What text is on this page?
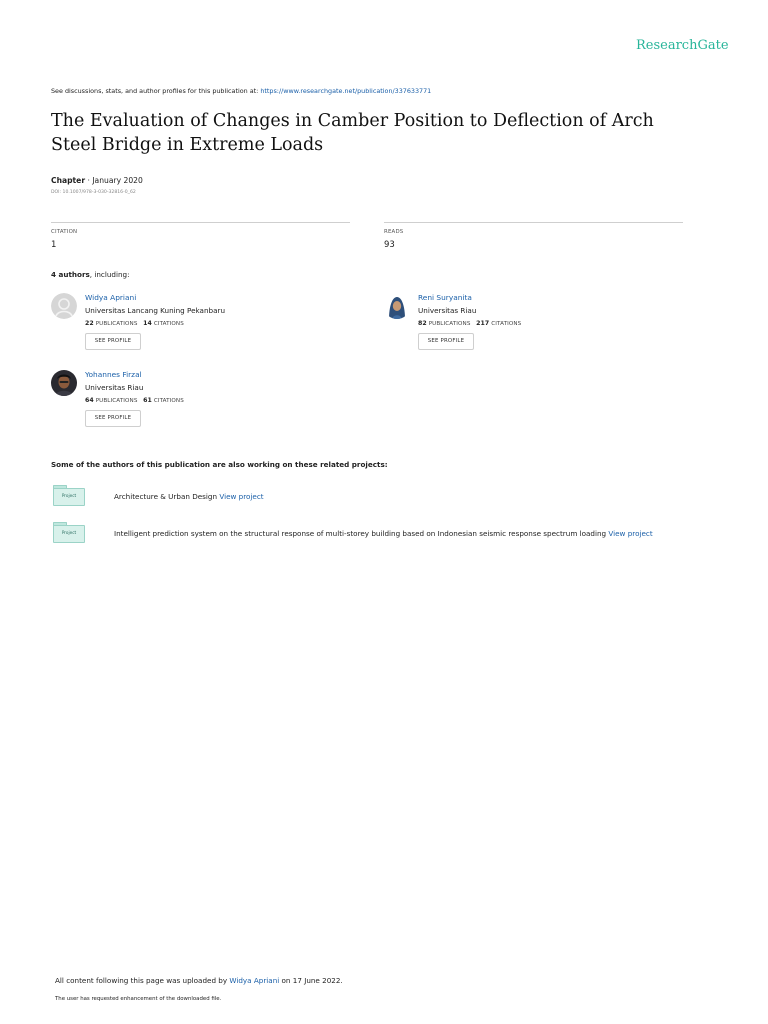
ResearchGate
See discussions, stats, and author profiles for this publication at: https://www.researchgate.net/publication/337633771
The Evaluation of Changes in Camber Position to Deflection of Arch Steel Bridge in Extreme Loads
Chapter · January 2020
DOI: 10.1007/978-3-030-32816-0_62
CITATION
1
READS
93
4 authors, including:
Widya Apriani
Universitas Lancang Kuning Pekanbaru
22 PUBLICATIONS 14 CITATIONS
SEE PROFILE
Reni Suryanita
Universitas Riau
82 PUBLICATIONS 217 CITATIONS
SEE PROFILE
Yohannes Firzal
Universitas Riau
64 PUBLICATIONS 61 CITATIONS
SEE PROFILE
Some of the authors of this publication are also working on these related projects:
Project	Architecture & Urban Design View project
Project	Intelligent prediction system on the structural response of multi-storey building based on Indonesian seismic response spectrum loading View project
All content following this page was uploaded by Widya Apriani on 17 June 2022.
The user has requested enhancement of the downloaded file.
